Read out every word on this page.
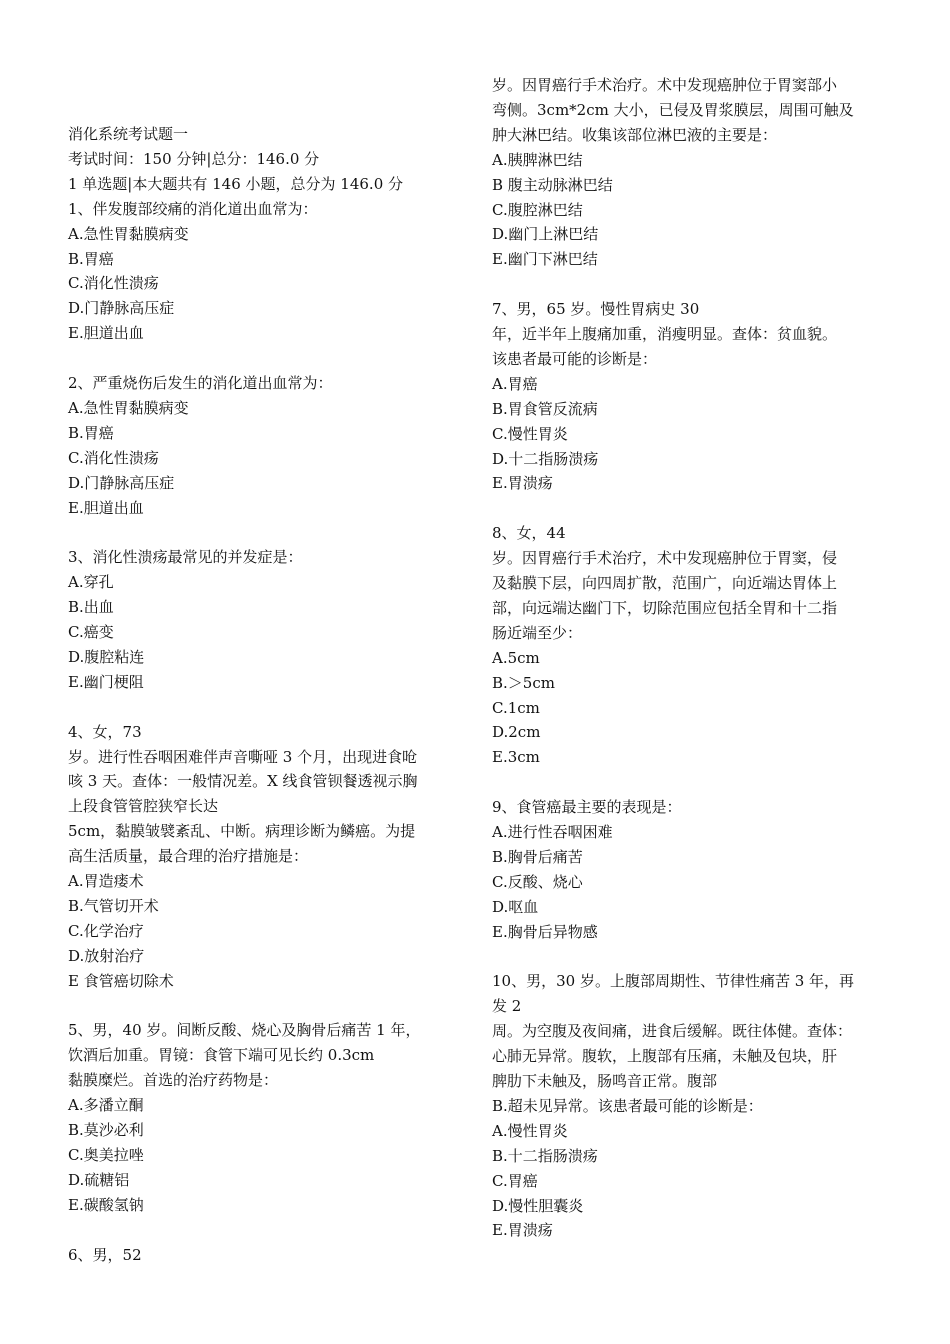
消化系统考试题一
考试时间：150 分钟|总分：146.0 分
1 单选题|本大题共有 146 小题，总分为 146.0 分
1、伴发腹部绞痛的消化道出血常为：
A.急性胃黏膜病变
B.胃癌
C.消化性溃疡
D.门静脉高压症
E.胆道出血
2、严重烧伤后发生的消化道出血常为：
A.急性胃黏膜病变
B.胃癌
C.消化性溃疡
D.门静脉高压症
E.胆道出血
3、消化性溃疡最常见的并发症是：
A.穿孔
B.出血
C.癌变
D.腹腔粘连
E.幽门梗阻
4、女，73
岁。进行性吞咽困难伴声音嘶哑 3 个月，出现进食呛
咳 3 天。查体：一般情况差。X 线食管钡餐透视示胸
上段食管管腔狭窄长达
5cm，黏膜皱襞紊乱、中断。病理诊断为鳞癌。为提
高生活质量，最合理的治疗措施是：
A.胃造瘘术
B.气管切开术
C.化学治疗
D.放射治疗
E 食管癌切除术
5、男，40 岁。间断反酸、烧心及胸骨后痛苦 1 年，
饮酒后加重。胃镜：食管下端可见长约 0.3cm
黏膜糜烂。首选的治疗药物是：
A.多潘立酮
B.莫沙必利
C.奥美拉唑
D.硫糖铝
E.碳酸氢钠
6、男，52
岁。因胃癌行手术治疗。术中发现癌肿位于胃窦部小
弯侧。3cm*2cm 大小，已侵及胃浆膜层，周围可触及
肿大淋巴结。收集该部位淋巴液的主要是：
A.胰脾淋巴结
B 腹主动脉淋巴结
C.腹腔淋巴结
D.幽门上淋巴结
E.幽门下淋巴结
7、男，65 岁。慢性胃病史 30
年，近半年上腹痛加重，消瘦明显。查体：贫血貌。
该患者最可能的诊断是：
A.胃癌
B.胃食管反流病
C.慢性胃炎
D.十二指肠溃疡
E.胃溃疡
8、女，44
岁。因胃癌行手术治疗，术中发现癌肿位于胃窦，侵
及黏膜下层，向四周扩散，范围广，向近端达胃体上
部，向远端达幽门下，切除范围应包括全胃和十二指
肠近端至少：
A.5cm
B.＞5cm
C.1cm
D.2cm
E.3cm
9、食管癌最主要的表现是：
A.进行性吞咽困难
B.胸骨后痛苦
C.反酸、烧心
D.呕血
E.胸骨后异物感
10、男，30 岁。上腹部周期性、节律性痛苦 3 年，再
发 2
周。为空腹及夜间痛，进食后缓解。既往体健。查体：
心肺无异常。腹软，上腹部有压痛，未触及包块，肝
脾肋下未触及，肠鸣音正常。腹部
B.超未见异常。该患者最可能的诊断是：
A.慢性胃炎
B.十二指肠溃疡
C.胃癌
D.慢性胆囊炎
E.胃溃疡
